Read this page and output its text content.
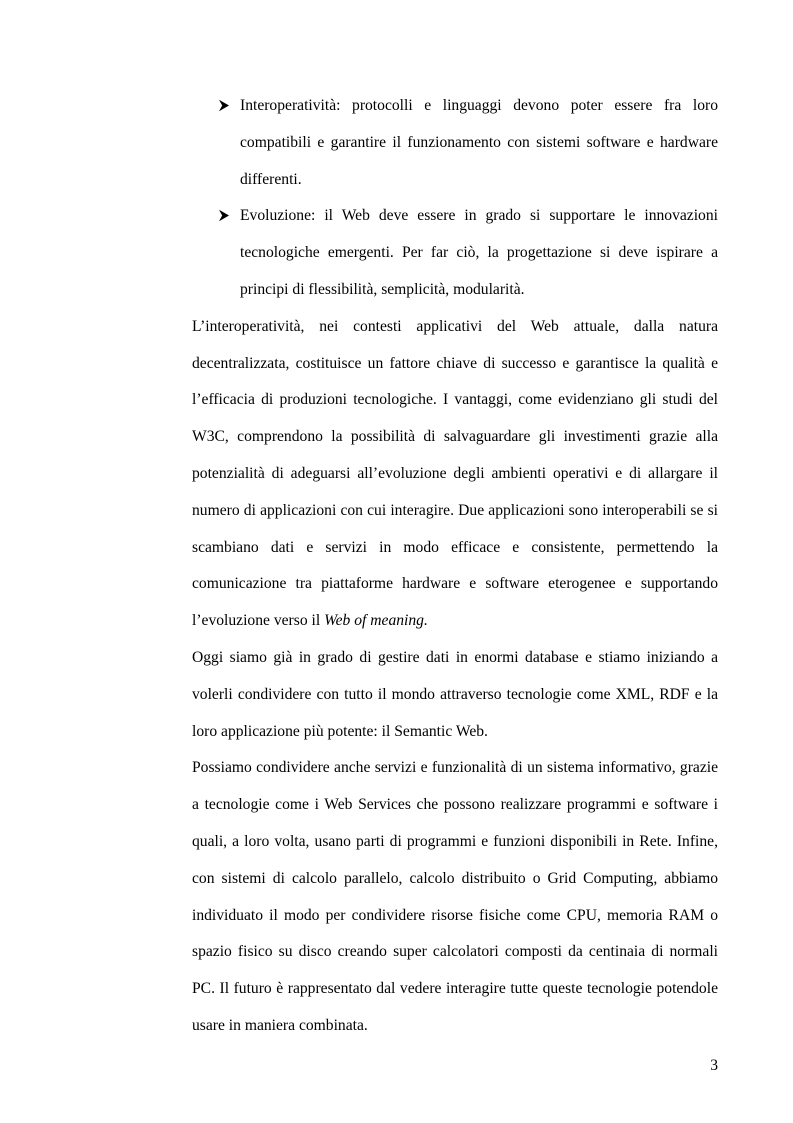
Interoperatività: protocolli e linguaggi devono poter essere fra loro compatibili e garantire il funzionamento con sistemi software e hardware differenti.
Evoluzione: il Web deve essere in grado si supportare le innovazioni tecnologiche emergenti. Per far ciò, la progettazione si deve ispirare a principi di flessibilità, semplicità, modularità.

L’interoperatività, nei contesti applicativi del Web attuale, dalla natura decentralizzata, costituisce un fattore chiave di successo e garantisce la qualità e l’efficacia di produzioni tecnologiche. I vantaggi, come evidenziano gli studi del W3C, comprendono la possibilità di salvaguardare gli investimenti grazie alla potenzialità di adeguarsi all’evoluzione degli ambienti operativi e di allargare il numero di applicazioni con cui interagire. Due applicazioni sono interoperabili se si scambiano dati e servizi in modo efficace e consistente, permettendo la comunicazione tra piattaforme hardware e software eterogenee e supportando l’evoluzione verso il Web of meaning.

Oggi siamo già in grado di gestire dati in enormi database e stiamo iniziando a volerli condividere con tutto il mondo attraverso tecnologie come XML, RDF e la loro applicazione più potente: il Semantic Web.

Possiamo condividere anche servizi e funzionalità di un sistema informativo, grazie a tecnologie come i Web Services che possono realizzare programmi e software i quali, a loro volta, usano parti di programmi e funzioni disponibili in Rete. Infine, con sistemi di calcolo parallelo, calcolo distribuito o Grid Computing, abbiamo individuato il modo per condividere risorse fisiche come CPU, memoria RAM o spazio fisico su disco creando super calcolatori composti da centinaia di normali PC. Il futuro è rappresentato dal vedere interagire tutte queste tecnologie potendole usare in maniera combinata.

3
